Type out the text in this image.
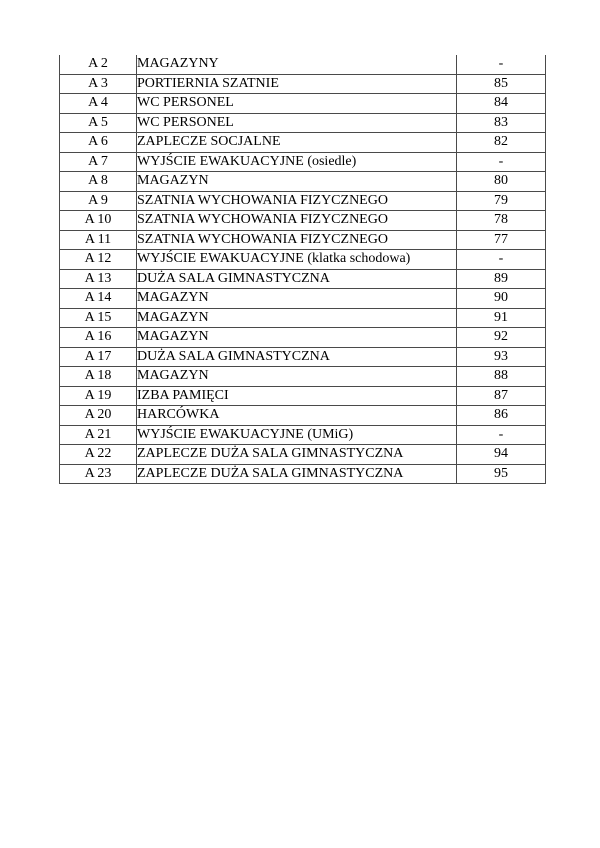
A 2	MAGAZYNY	-
A 3	PORTIERNIA SZATNIE	85
A 4	WC PERSONEL	84
A 5	WC PERSONEL	83
A 6	ZAPLECZE SOCJALNE	82
A 7	WYJŚCIE EWAKUACYJNE (osiedle)	-
A 8	MAGAZYN	80
A 9	SZATNIA WYCHOWANIA FIZYCZNEGO	79
A 10	SZATNIA WYCHOWANIA FIZYCZNEGO	78
A 11	SZATNIA WYCHOWANIA FIZYCZNEGO	77
A 12	WYJŚCIE EWAKUACYJNE (klatka schodowa)	-
A 13	DUŻA SALA GIMNASTYCZNA	89
A 14	MAGAZYN	90
A 15	MAGAZYN	91
A 16	MAGAZYN	92
A 17	DUŻA SALA GIMNASTYCZNA	93
A 18	MAGAZYN	88
A 19	IZBA PAMIĘCI	87
A 20	HARCÓWKA	86
A 21	WYJŚCIE EWAKUACYJNE (UMiG)	-
A 22	ZAPLECZE DUŻA SALA GIMNASTYCZNA	94
A 23	ZAPLECZE DUŻA SALA GIMNASTYCZNA	95
